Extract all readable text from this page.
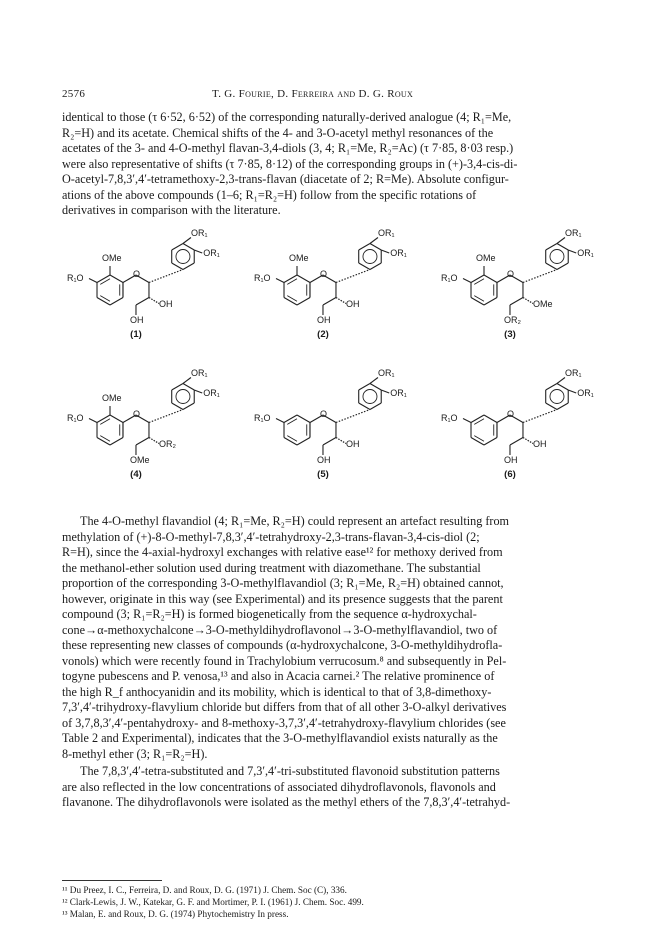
2576	T. G. Fourie, D. Ferreira and D. G. Roux

identical to those (τ 6·52, 6·52) of the corresponding naturally-derived analogue (4; R₁=Me,

R₂=H) and its acetate. Chemical shifts of the 4- and 3-O-acetyl methyl resonances of the

acetates of the 3- and 4-O-methyl flavan-3,4-diols (3, 4; R₁=Me, R₂=Ac) (τ 7·85, 8·03 resp.)

were also representative of shifts (τ 7·85, 8·12) of the corresponding groups in (+)-3,4-cis-di-

O-acetyl-7,8,3′,4′-tetramethoxy-2,3-trans-flavan (diacetate of 2; R=Me). Absolute configur-

ations of the above compounds (1–6; R₁=R₂=H) follow from the specific rotations of

derivatives in comparison with the literature.

O
R₁O
OMe
OR₁
OR₁
OH
OH
(1)
O
R₁O
OMe
OR₁
OR₁
OH
OH
(2)
O
R₁O
OMe
OR₁
OR₁
OMe
OR₂
(3)
O
R₁O
OMe
OR₁
OR₁
OR₂
OMe
(4)
O
R₁O
OR₁
OR₁
OH
OH
(5)
O
R₁O
OR₁
OR₁
OH
OH
(6)

The 4-O-methyl flavandiol (4; R₁=Me, R₂=H) could represent an artefact resulting from

methylation of (+)-8-O-methyl-7,8,3′,4′-tetrahydroxy-2,3-trans-flavan-3,4-cis-diol (2;

R=H), since the 4-axial-hydroxyl exchanges with relative ease¹² for methoxy derived from

the methanol-ether solution used during treatment with diazomethane. The substantial

proportion of the corresponding 3-O-methylflavandiol (3; R₁=Me, R₂=H) obtained cannot,

however, originate in this way (see Experimental) and its presence suggests that the parent

compound (3; R₁=R₂=H) is formed biogenetically from the sequence α-hydroxychal-

cone→α-methoxychalcone→3-O-methyldihydroflavonol→3-O-methylflavandiol, two of

these representing new classes of compounds (α-hydroxychalcone, 3-O-methyldihydrofla-

vonols) which were recently found in Trachylobium verrucosum.⁸ and subsequently in Pel-

togyne pubescens and P. venosa,¹³ and also in Acacia carnei.² The relative prominence of

the high R_f anthocyanidin and its mobility, which is identical to that of 3,8-dimethoxy-

7,3′,4′-trihydroxy-flavylium chloride but differs from that of all other 3-O-alkyl derivatives

of 3,7,8,3′,4′-pentahydroxy- and 8-methoxy-3,7,3′,4′-tetrahydroxy-flavylium chlorides (see

Table 2 and Experimental), indicates that the 3-O-methylflavandiol exists naturally as the

8-methyl ether (3; R₁=R₂=H).

The 7,8,3′,4′-tetra-substituted and 7,3′,4′-tri-substituted flavonoid substitution patterns

are also reflected in the low concentrations of associated dihydroflavonols, flavonols and

flavanone. The dihydroflavonols were isolated as the methyl ethers of the 7,8,3′,4′-tetrahyd-

¹¹ Du Preez, I. C., Ferreira, D. and Roux, D. G. (1971) J. Chem. Soc (C), 336.
¹² Clark-Lewis, J. W., Katekar, G. F. and Mortimer, P. I. (1961) J. Chem. Soc. 499.
¹³ Malan, E. and Roux, D. G. (1974) Phytochemistry In press.
